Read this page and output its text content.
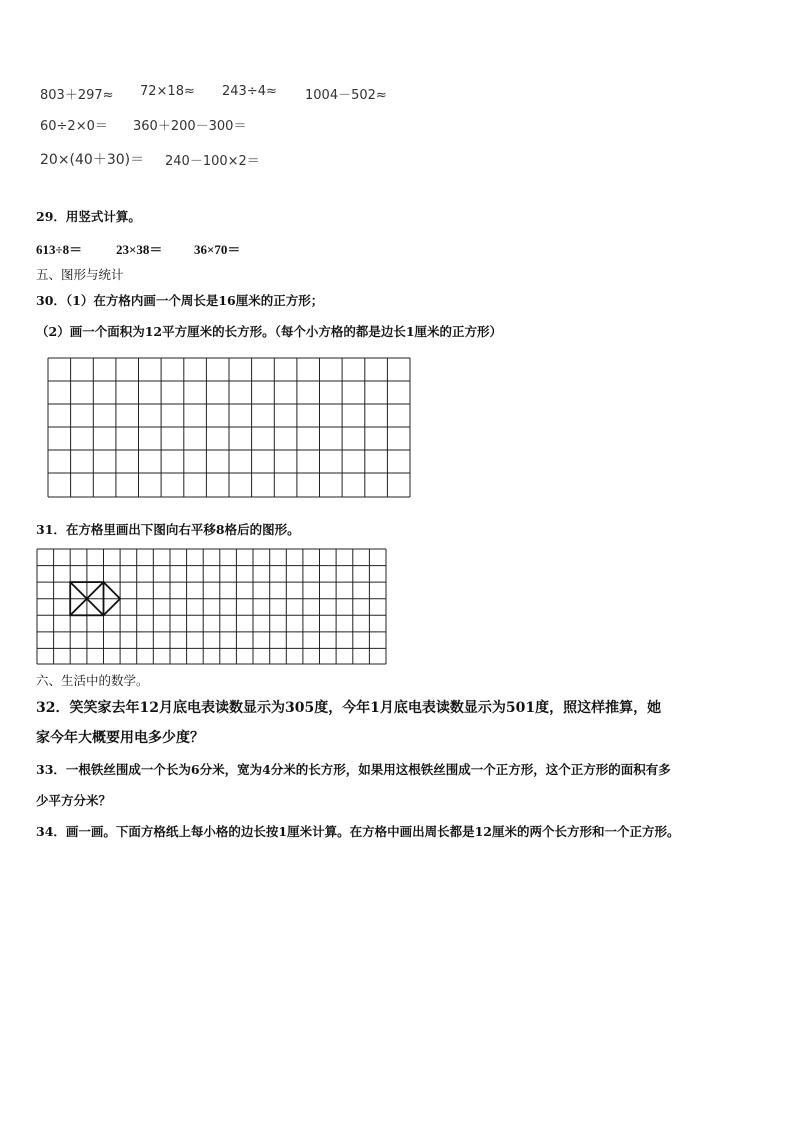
803＋297≈ 72×18≈ 243÷4≈ 1004－502≈
60÷2×0＝ 360＋200－300＝
20×(40＋30)＝ 240－100×2＝
29．用竖式计算。
613÷8＝	23×38＝ 36×70＝
五、图形与统计
30．（1）在方格内画一个周长是16厘米的正方形；
（2）画一个面积为12平方厘米的长方形。（每个小方格的都是边长1厘米的正方形）
31．在方格里画出下图向右平移8格后的图形。
六、生活中的数学。
32．笑笑家去年12月底电表读数显示为305度，今年1月底电表读数显示为501度，照这样推算，她
家今年大概要用电多少度？
33．一根铁丝围成一个长为6分米，宽为4分米的长方形，如果用这根铁丝围成一个正方形，这个正方形的面积有多
少平方分米？
34．画一画。下面方格纸上每小格的边长按1厘米计算。在方格中画出周长都是12厘米的两个长方形和一个正方形。
